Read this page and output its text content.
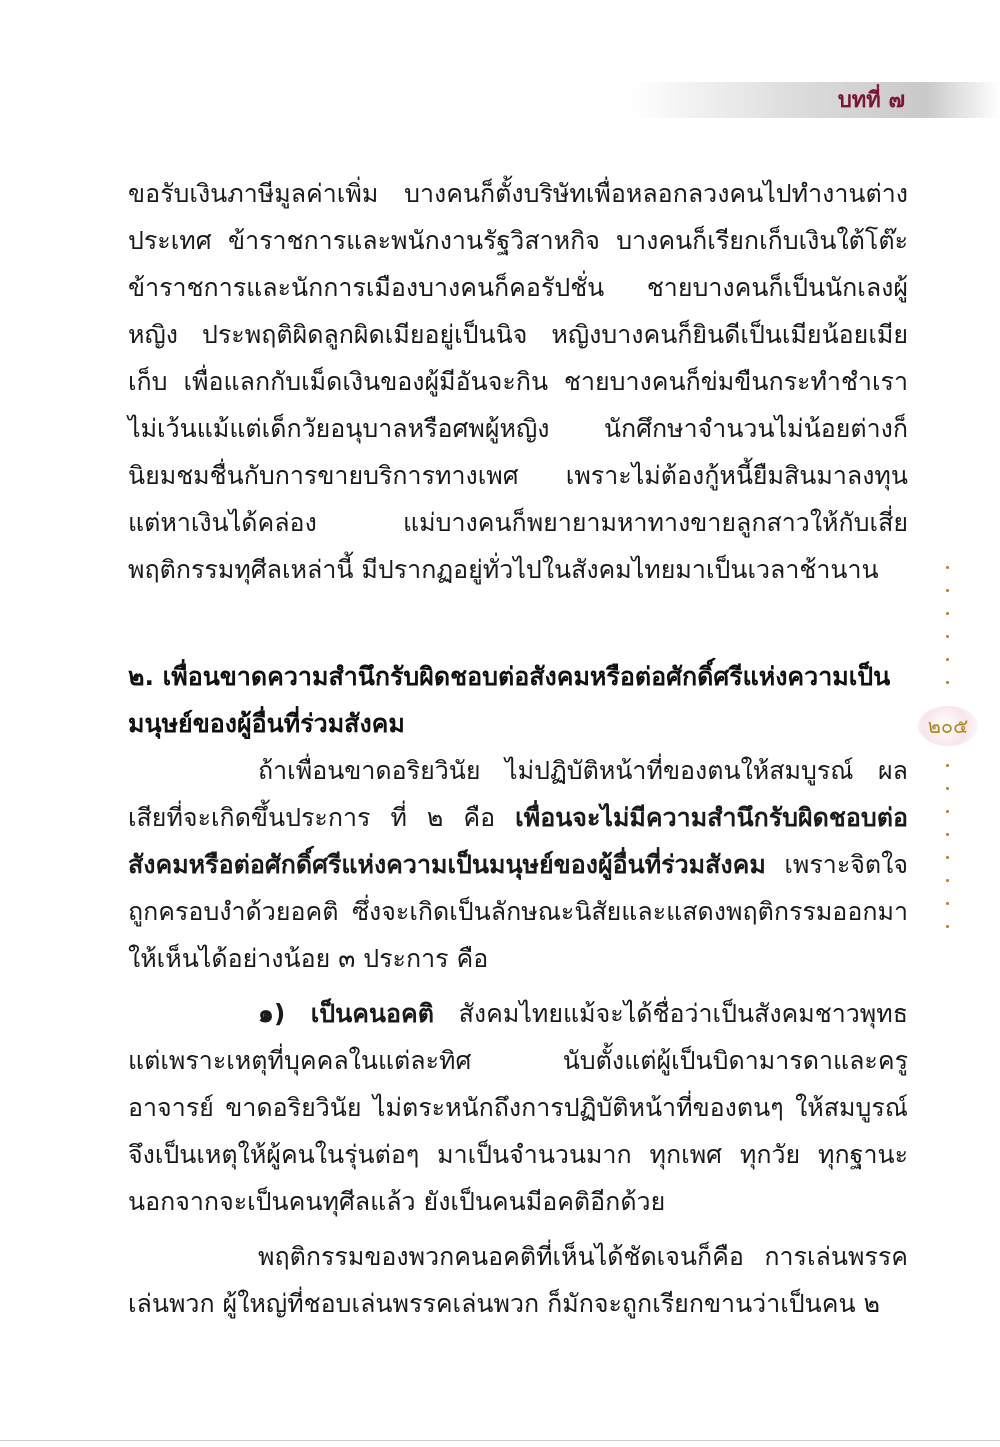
บทที่ ๗
๒๐๕

ขอรับเงินภาษีมูลค่าเพิ่ม บางคนก็ตั้งบริษัทเพื่อหลอกลวงคนไปทำงานต่างประเทศ ข้าราชการและพนักงานรัฐวิสาหกิจ บางคนก็เรียกเก็บเงินใต้โต๊ะ ข้าราชการและนักการเมืองบางคนก็คอรัปชั่น ชายบางคนก็เป็นนักเลงผู้หญิง ประพฤติผิดลูกผิดเมียอยู่เป็นนิจ หญิงบางคนก็ยินดีเป็นเมียน้อยเมียเก็บ เพื่อแลกกับเม็ดเงินของผู้มีอันจะกิน ชายบางคนก็ข่มขืนกระทำชำเรา ไม่เว้นแม้แต่เด็กวัยอนุบาลหรือศพผู้หญิง นักศึกษาจำนวนไม่น้อยต่างก็นิยมชมชื่นกับการขายบริการทางเพศ เพราะไม่ต้องกู้หนี้ยืมสินมาลงทุน แต่หาเงินได้คล่อง แม่บางคนก็พยายามหาทางขายลูกสาวให้กับเสี่ย พฤติกรรมทุศีลเหล่านี้ มีปรากฏอยู่ทั่วไปในสังคมไทยมาเป็นเวลาช้านาน

๒. เพื่อนขาดความสำนึกรับผิดชอบต่อสังคมหรือต่อศักดิ์ศรีแห่งความเป็นมนุษย์ของผู้อื่นที่ร่วมสังคม

ถ้าเพื่อนขาดอริยวินัย ไม่ปฏิบัติหน้าที่ของตนให้สมบูรณ์ ผลเสียที่จะเกิดขึ้นประการ ที่ ๒ คือ เพื่อนจะไม่มีความสำนึกรับผิดชอบต่อสังคมหรือต่อศักดิ์ศรีแห่งความเป็นมนุษย์ของผู้อื่นที่ร่วมสังคม เพราะจิตใจถูกครอบงำด้วยอคติ ซึ่งจะเกิดเป็นลักษณะนิสัยและแสดงพฤติกรรมออกมาให้เห็นได้อย่างน้อย ๓ ประการ คือ

๑) เป็นคนอคติ สังคมไทยแม้จะได้ชื่อว่าเป็นสังคมชาวพุทธ แต่เพราะเหตุที่บุคคลในแต่ละทิศ นับตั้งแต่ผู้เป็นบิดามารดาและครูอาจารย์ ขาดอริยวินัย ไม่ตระหนักถึงการปฏิบัติหน้าที่ของตนๆ ให้สมบูรณ์ จึงเป็นเหตุให้ผู้คนในรุ่นต่อๆ มาเป็นจำนวนมาก ทุกเพศ ทุกวัย ทุกฐานะ นอกจากจะเป็นคนทุศีลแล้ว ยังเป็นคนมีอคติอีกด้วย

พฤติกรรมของพวกคนอคติที่เห็นได้ชัดเจนก็คือ การเล่นพรรคเล่นพวก ผู้ใหญ่ที่ชอบเล่นพรรคเล่นพวก ก็มักจะถูกเรียกขานว่าเป็นคน ๒
